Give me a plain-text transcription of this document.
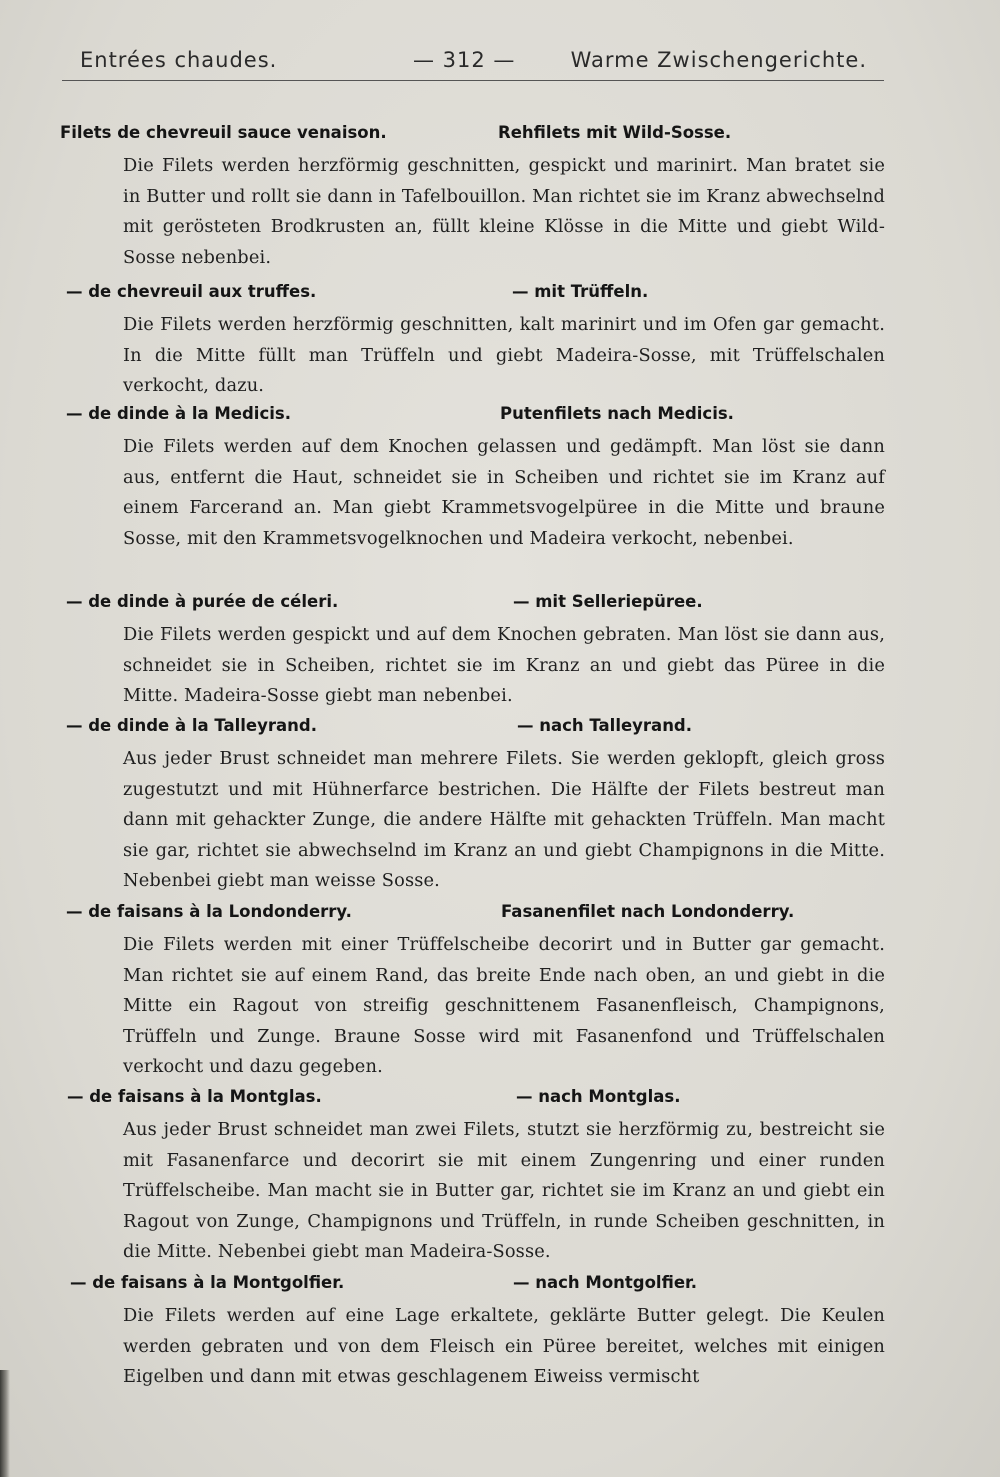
Entrées chaudes.	— 312 —	Warme Zwischengerichte.
Filets de chevreuil sauce venaison.	Rehfilets mit Wild-Sosse.
Die Filets werden herzförmig geschnitten, gespickt und marinirt. Man bratet sie in Butter und rollt sie dann in Tafelbouillon. Man richtet sie im Kranz abwechselnd mit gerösteten Brodkrusten an, füllt kleine Klösse in die Mitte und giebt Wild-Sosse nebenbei.
— de chevreuil aux truffes.	— mit Trüffeln.
Die Filets werden herzförmig geschnitten, kalt marinirt und im Ofen gar gemacht. In die Mitte füllt man Trüffeln und giebt Madeira-Sosse, mit Trüffelschalen verkocht, dazu.
— de dinde à la Medicis.	Putenfilets nach Medicis.
Die Filets werden auf dem Knochen gelassen und gedämpft. Man löst sie dann aus, entfernt die Haut, schneidet sie in Scheiben und richtet sie im Kranz auf einem Farcerand an. Man giebt Krammetsvogelpüree in die Mitte und braune Sosse, mit den Krammetsvogelknochen und Madeira verkocht, nebenbei.
— de dinde à purée de céleri.	— mit Selleriepüree.
Die Filets werden gespickt und auf dem Knochen gebraten. Man löst sie dann aus, schneidet sie in Scheiben, richtet sie im Kranz an und giebt das Püree in die Mitte. Madeira-Sosse giebt man nebenbei.
— de dinde à la Talleyrand.	— nach Talleyrand.
Aus jeder Brust schneidet man mehrere Filets. Sie werden geklopft, gleich gross zugestutzt und mit Hühnerfarce bestrichen. Die Hälfte der Filets bestreut man dann mit gehackter Zunge, die andere Hälfte mit gehackten Trüffeln. Man macht sie gar, richtet sie abwechselnd im Kranz an und giebt Champignons in die Mitte. Nebenbei giebt man weisse Sosse.
— de faisans à la Londonderry.	Fasanenfilet nach Londonderry.
Die Filets werden mit einer Trüffelscheibe decorirt und in Butter gar gemacht. Man richtet sie auf einem Rand, das breite Ende nach oben, an und giebt in die Mitte ein Ragout von streifig geschnittenem Fasanenfleisch, Champignons, Trüffeln und Zunge. Braune Sosse wird mit Fasanenfond und Trüffelschalen verkocht und dazu gegeben.
— de faisans à la Montglas.	— nach Montglas.
Aus jeder Brust schneidet man zwei Filets, stutzt sie herzförmig zu, bestreicht sie mit Fasanenfarce und decorirt sie mit einem Zungenring und einer runden Trüffelscheibe. Man macht sie in Butter gar, richtet sie im Kranz an und giebt ein Ragout von Zunge, Champignons und Trüffeln, in runde Scheiben geschnitten, in die Mitte. Nebenbei giebt man Madeira-Sosse.
— de faisans à la Montgolfier.	— nach Montgolfier.
Die Filets werden auf eine Lage erkaltete, geklärte Butter gelegt. Die Keulen werden gebraten und von dem Fleisch ein Püree bereitet, welches mit einigen Eigelben und dann mit etwas geschlagenem Eiweiss vermischt
